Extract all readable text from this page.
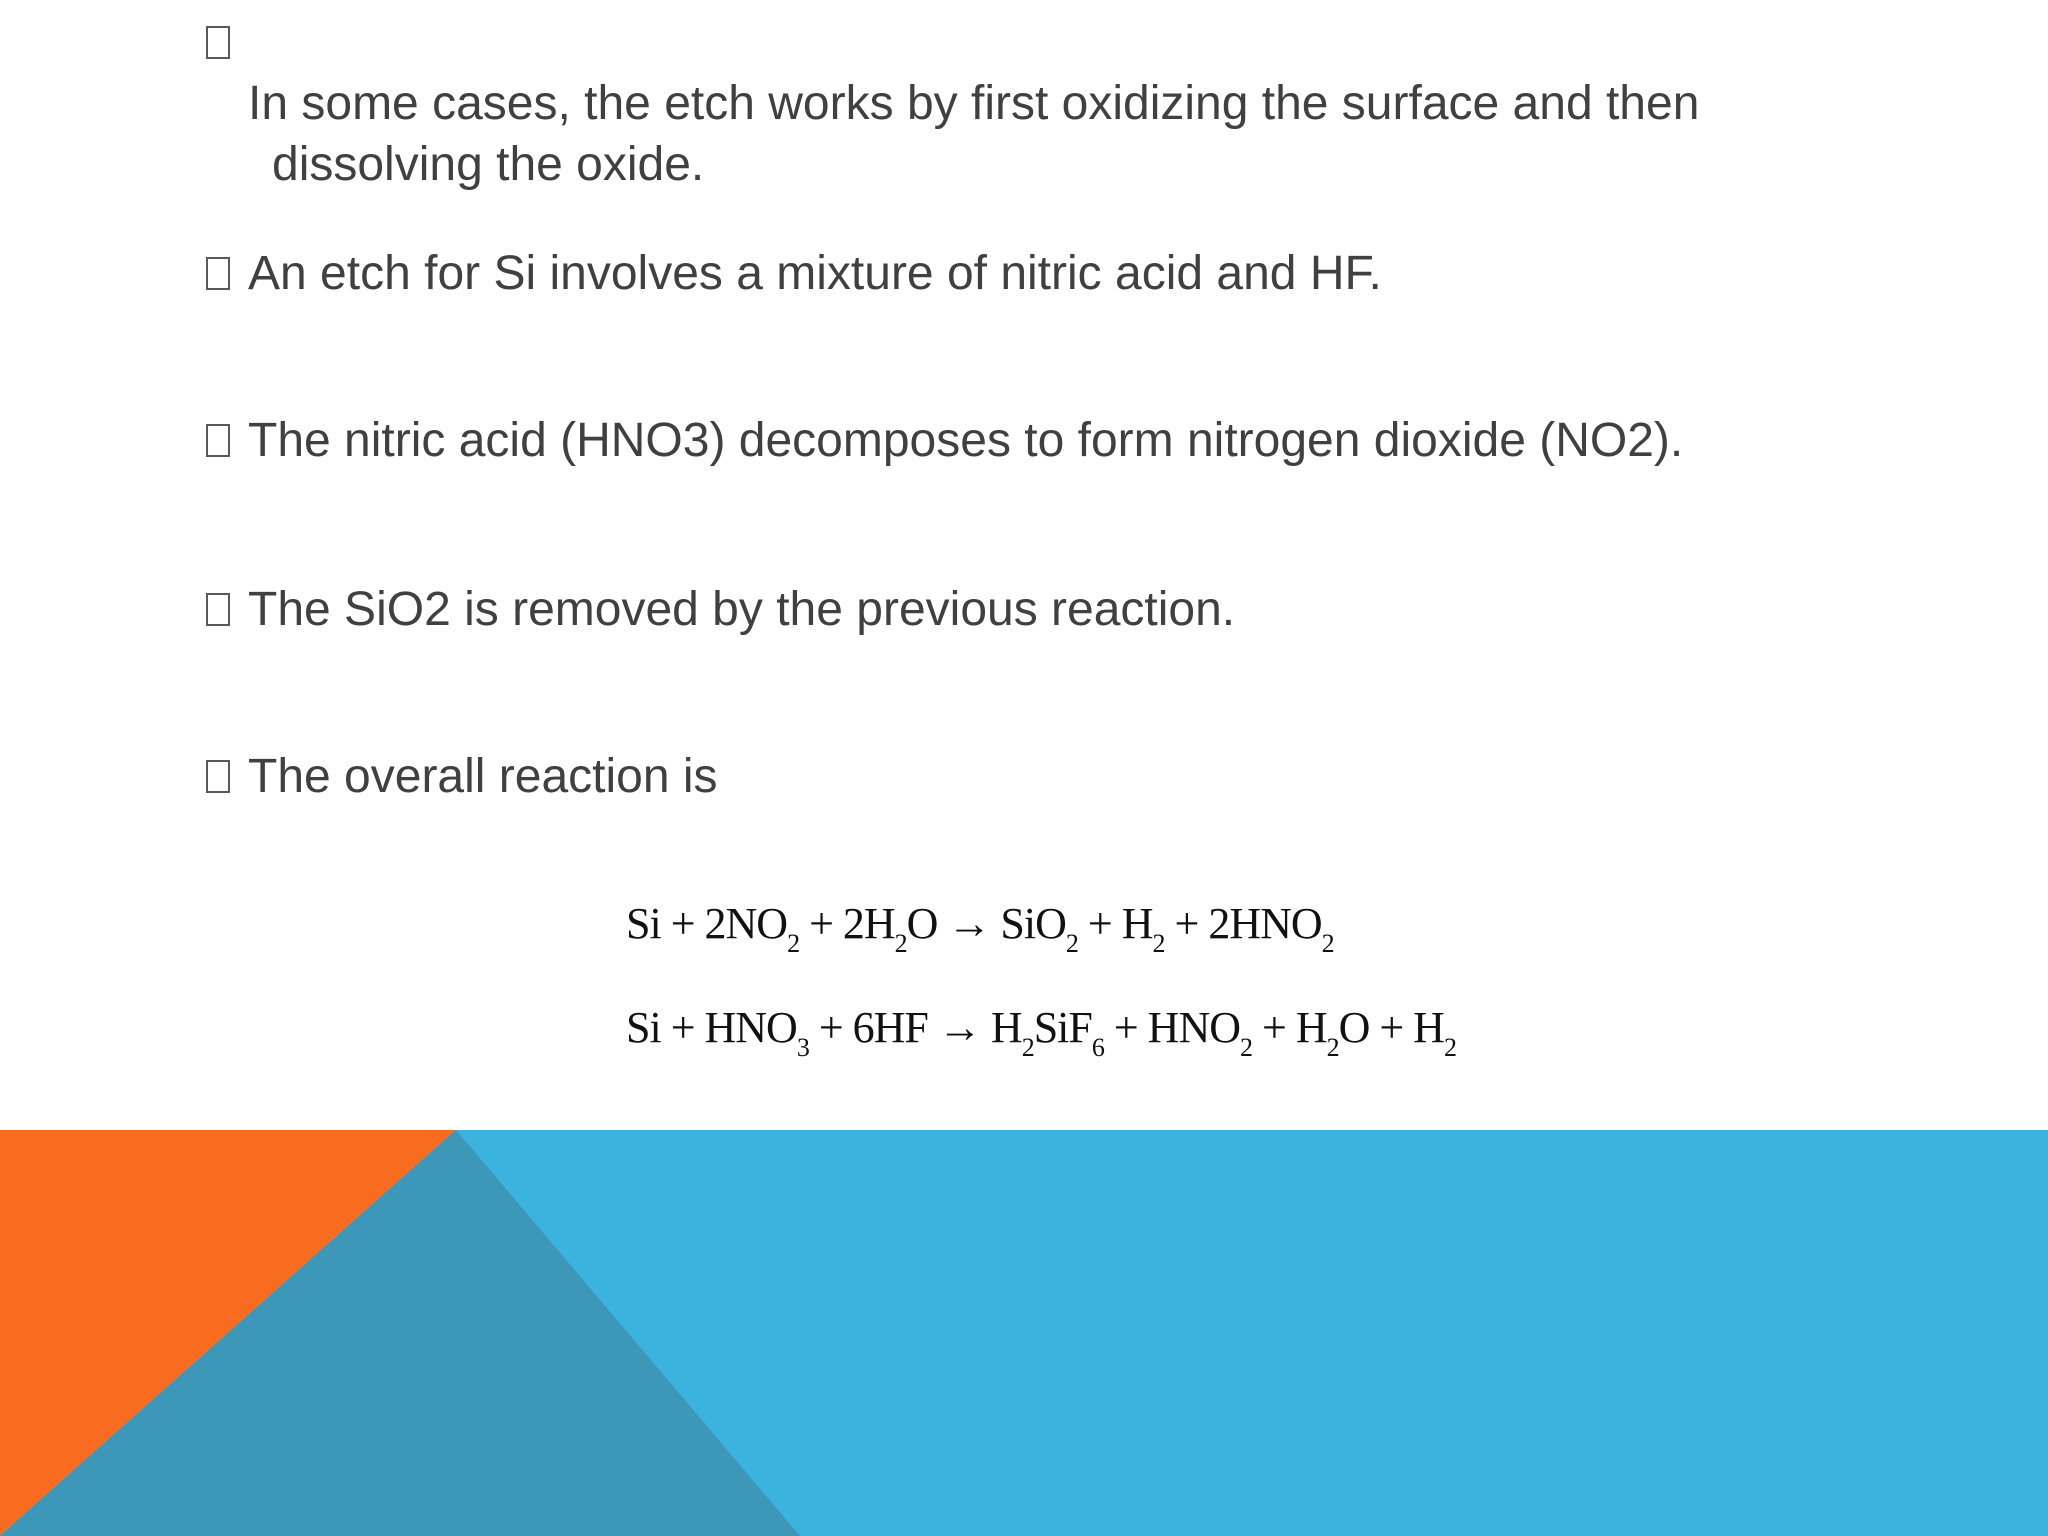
In some cases, the etch works by first oxidizing the surface and then

dissolving the oxide.

An etch for Si involves a mixture of nitric acid and HF.
The nitric acid (HNO3) decomposes to form nitrogen dioxide (NO2).
The SiO2 is removed by the previous reaction.
The overall reaction is
$Si + 2NO_2 + 2H_2O \to SiO_2 + H_2 + 2HNO_2$
$Si + HNO_3 + 6HF \to H_2SiF_6 + HNO_2 + H_2O + H_2$
